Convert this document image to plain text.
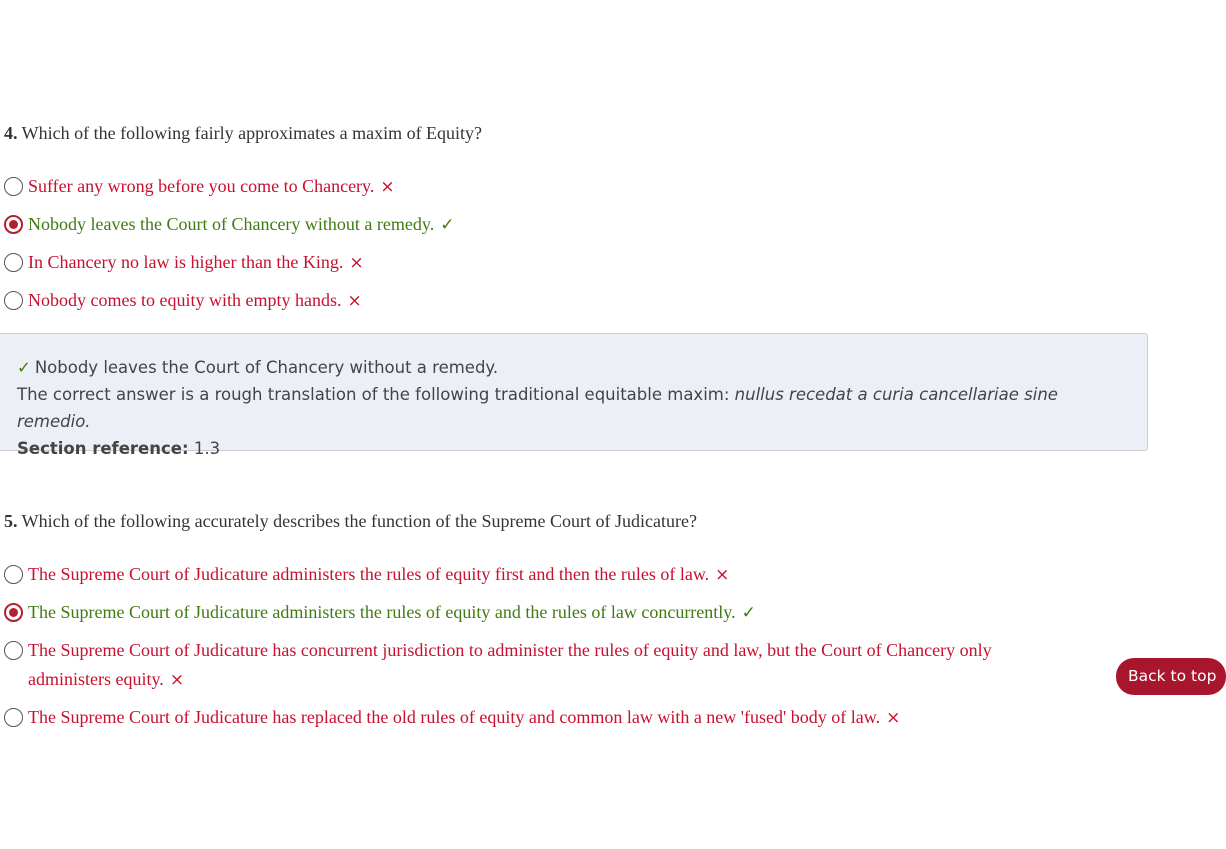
4. Which of the following fairly approximates a maxim of Equity?

Suffer any wrong before you come to Chancery. ×
Nobody leaves the Court of Chancery without a remedy. ✓
In Chancery no law is higher than the King. ×
Nobody comes to equity with empty hands. ×
✓ Nobody leaves the Court of Chancery without a remedy.
The correct answer is a rough translation of the following traditional equitable maxim: nullus recedat a curia cancellariae sine remedio.
Section reference: 1.3

5. Which of the following accurately describes the function of the Supreme Court of Judicature?

The Supreme Court of Judicature administers the rules of equity first and then the rules of law. ×
The Supreme Court of Judicature administers the rules of equity and the rules of law concurrently. ✓
The Supreme Court of Judicature has concurrent jurisdiction to administer the rules of equity and law, but the Court of Chancery only administers equity. ×
The Supreme Court of Judicature has replaced the old rules of equity and common law with a new 'fused' body of law. ×
Back to top
